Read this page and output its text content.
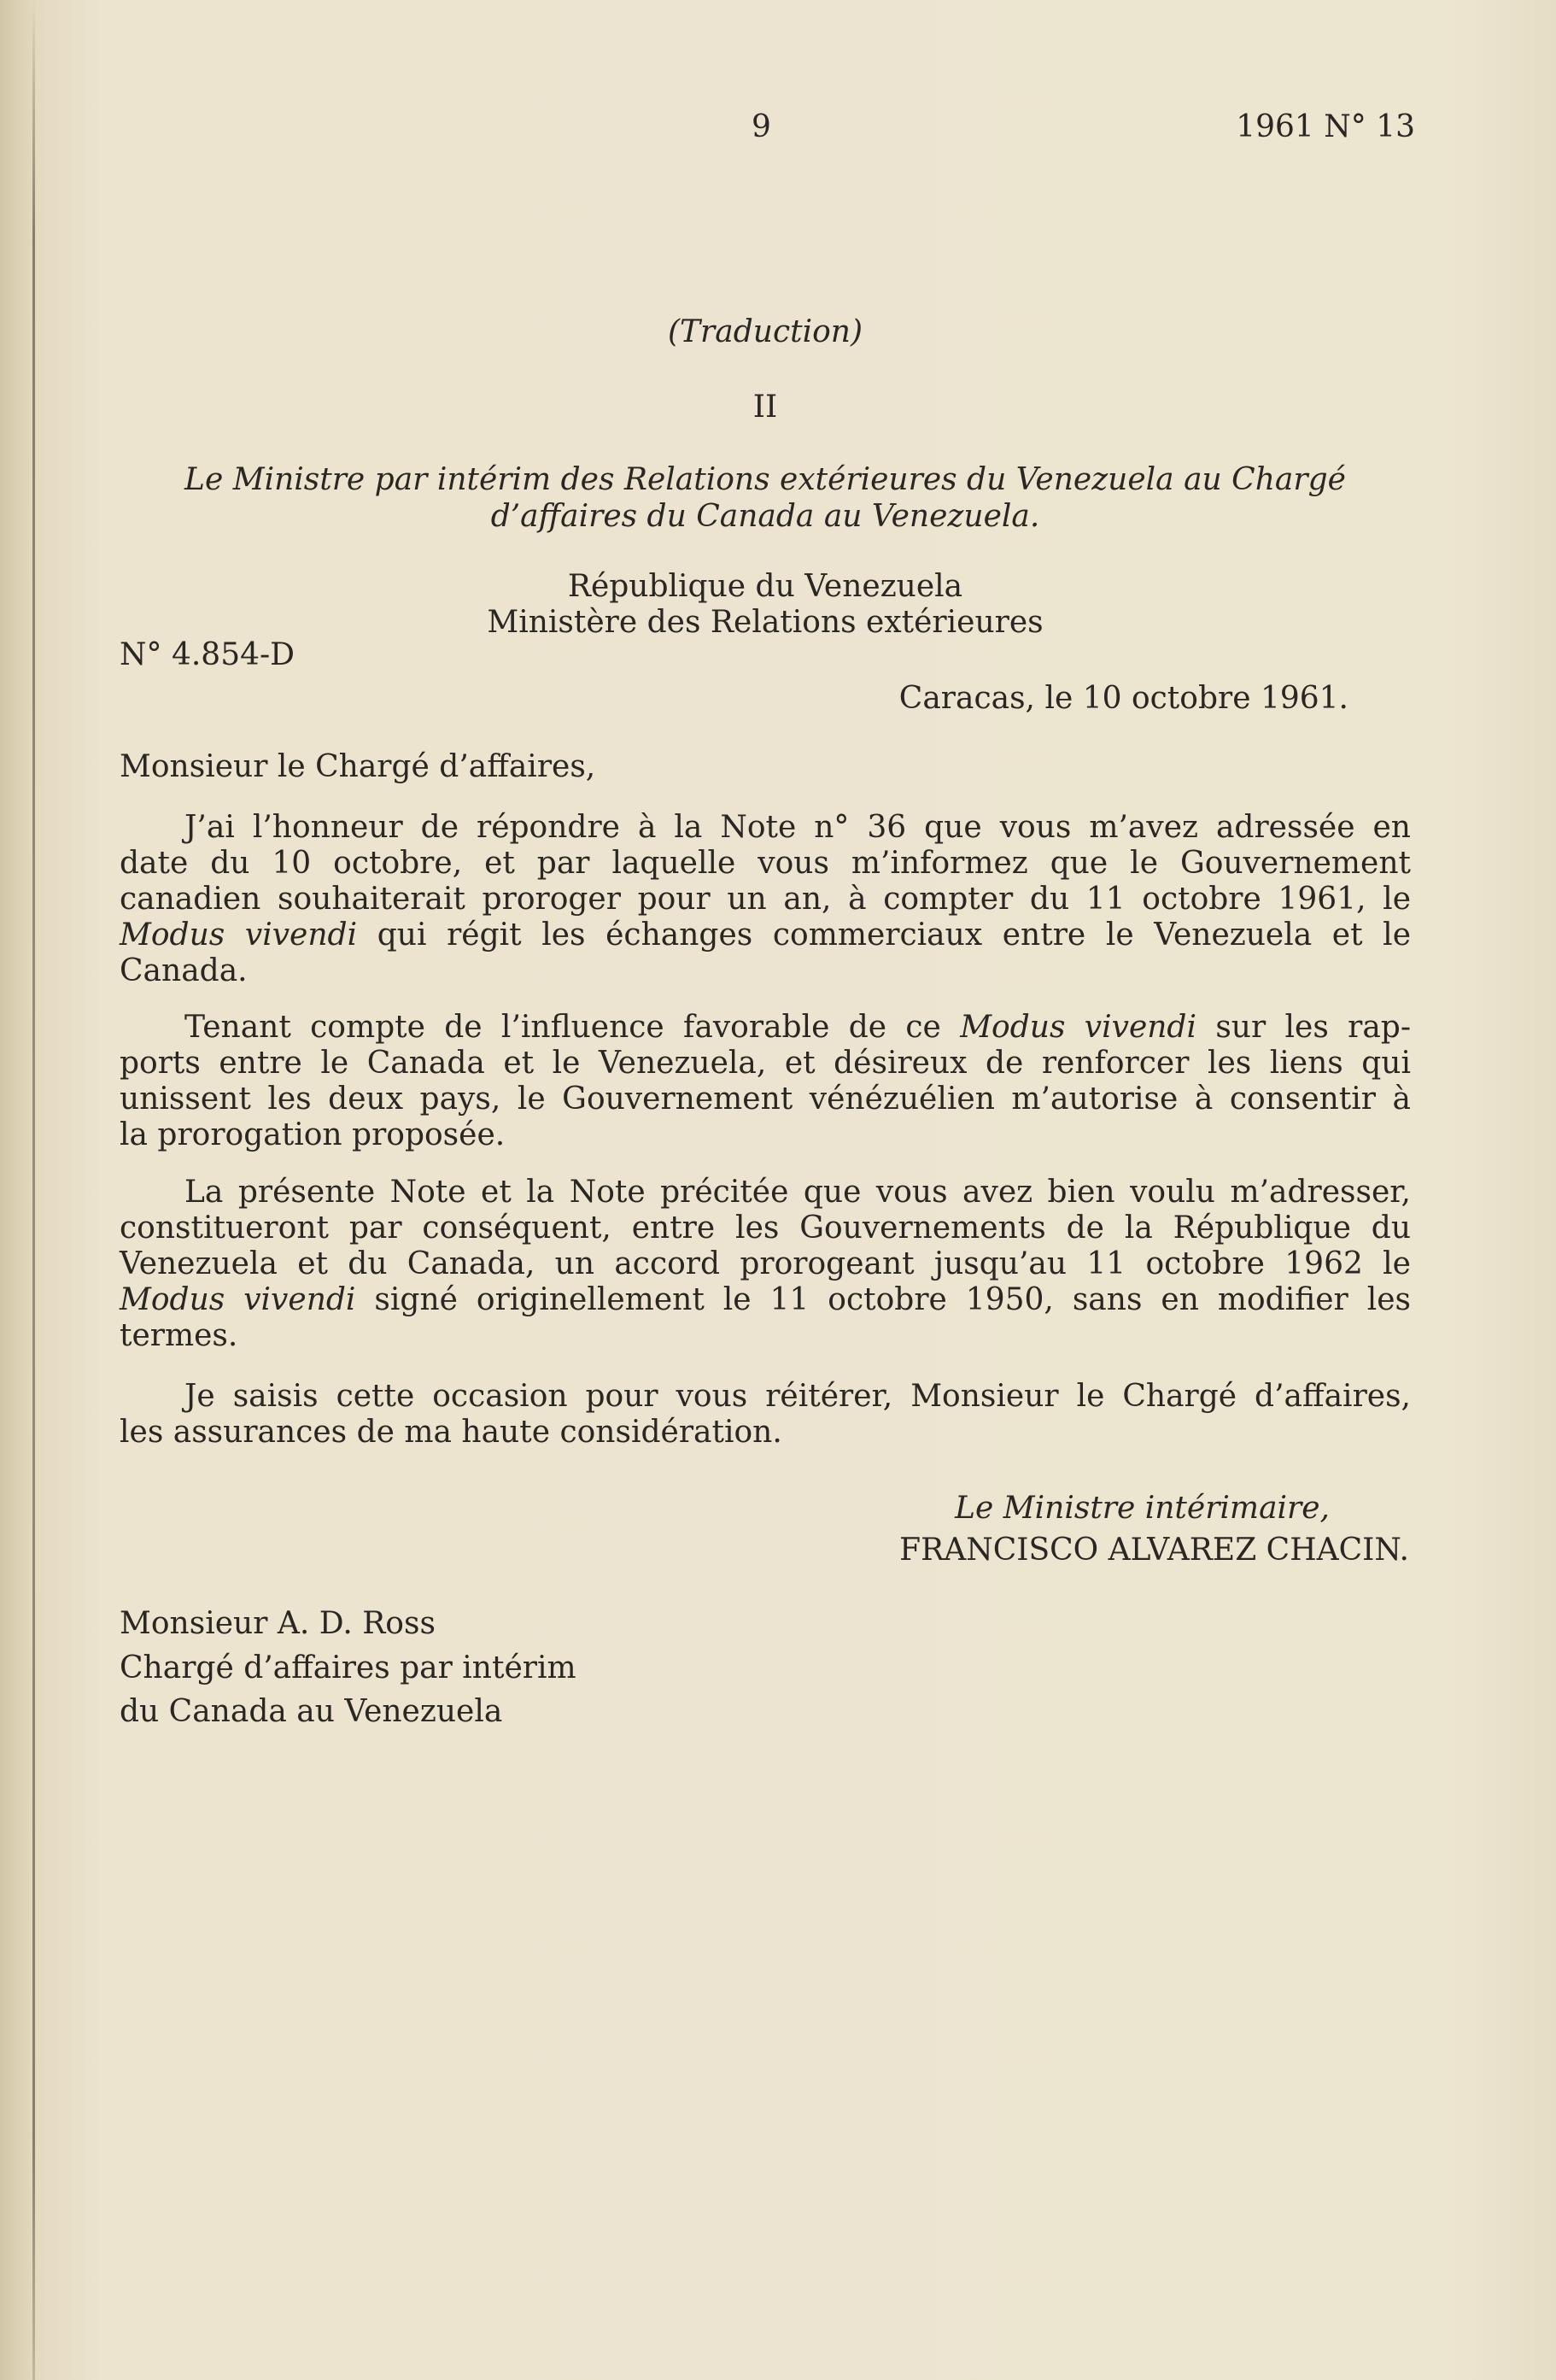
9	1961 N° 13
(Traduction)
II
Le Ministre par intérim des Relations extérieures du Venezuela au Chargé
d’affaires du Canada au Venezuela.
République du Venezuela
Ministère des Relations extérieures
N° 4.854-D
Caracas, le 10 octobre 1961.
Monsieur le Chargé d’affaires,
J’ai l’honneur de répondre à la Note n° 36 que vous m’avez adressée en
date du 10 octobre, et par laquelle vous m’informez que le Gouvernement
canadien souhaiterait proroger pour un an, à compter du 11 octobre 1961, le
Modus vivendi qui régit les échanges commerciaux entre le Venezuela et le
Canada.
Tenant compte de l’influence favorable de ce Modus vivendi sur les rap-
ports entre le Canada et le Venezuela, et désireux de renforcer les liens qui
unissent les deux pays, le Gouvernement vénézuélien m’autorise à consentir à
la prorogation proposée.
La présente Note et la Note précitée que vous avez bien voulu m’adresser,
constitueront par conséquent, entre les Gouvernements de la République du
Venezuela et du Canada, un accord prorogeant jusqu’au 11 octobre 1962 le
Modus vivendi signé originellement le 11 octobre 1950, sans en modifier les
termes.
Je saisis cette occasion pour vous réitérer, Monsieur le Chargé d’affaires,
les assurances de ma haute considération.
Le Ministre intérimaire,
FRANCISCO ALVAREZ CHACIN.
Monsieur A. D. Ross
Chargé d’affaires par intérim
du Canada au Venezuela
